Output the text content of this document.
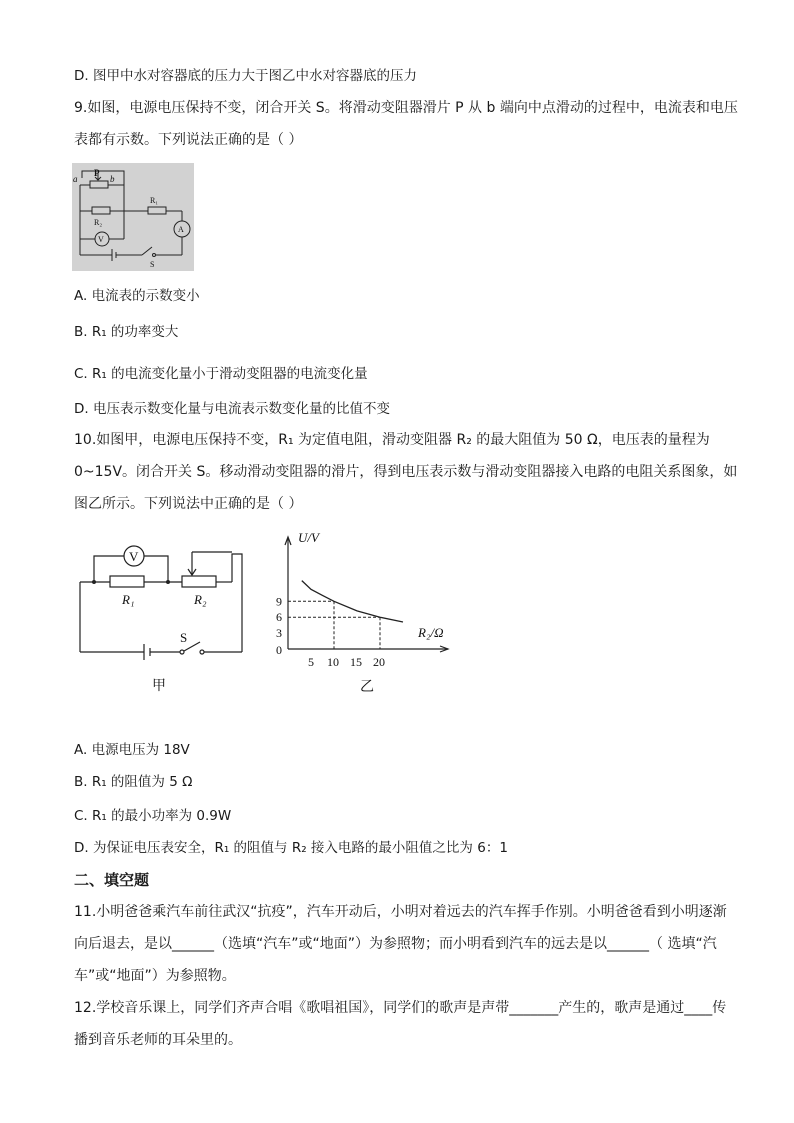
D. 图甲中水对容器底的压力大于图乙中水对容器底的压力
9.如图，电源电压保持不变，闭合开关 S。将滑动变阻器滑片 P 从 b 端向中点滑动的过程中，电流表和电压
表都有示数。下列说法正确的是（ ）
a
P
b
R₁
R₂
V
A
S
A. 电流表的示数变小
B. R₁ 的功率变大
C. R₁ 的电流变化量小于滑动变阻器的电流变化量
D. 电压表示数变化量与电流表示数变化量的比值不变
10.如图甲，电源电压保持不变，R₁ 为定值电阻，滑动变阻器 R₂ 的最大阻值为 50 Ω，电压表的量程为
0~15V。闭合开关 S。移动滑动变阻器的滑片，得到电压表示数与滑动变阻器接入电路的电阻关系图象，如
图乙所示。下列说法中正确的是（ ）
V
R₁	R₂
S
甲
0
5 10 15 20
3
6
9
U/V
R₂/Ω
乙
A. 电源电压为 18V
B. R₁ 的阻值为 5 Ω
C. R₁ 的最小功率为 0.9W
D. 为保证电压表安全，R₁ 的阻值与 R₂ 接入电路的最小阻值之比为 6：1
二、填空题
11.小明爸爸乘汽车前往武汉“抗疫”，汽车开动后，小明对着远去的汽车挥手作别。小明爸爸看到小明逐渐
向后退去，是以______（选填“汽车”或“地面”）为参照物；而小明看到汽车的远去是以______（ 选填“汽
车”或“地面”）为参照物。
12.学校音乐课上，同学们齐声合唱《歌唱祖国》，同学们的歌声是声带_______产生的，歌声是通过____传
播到音乐老师的耳朵里的。
